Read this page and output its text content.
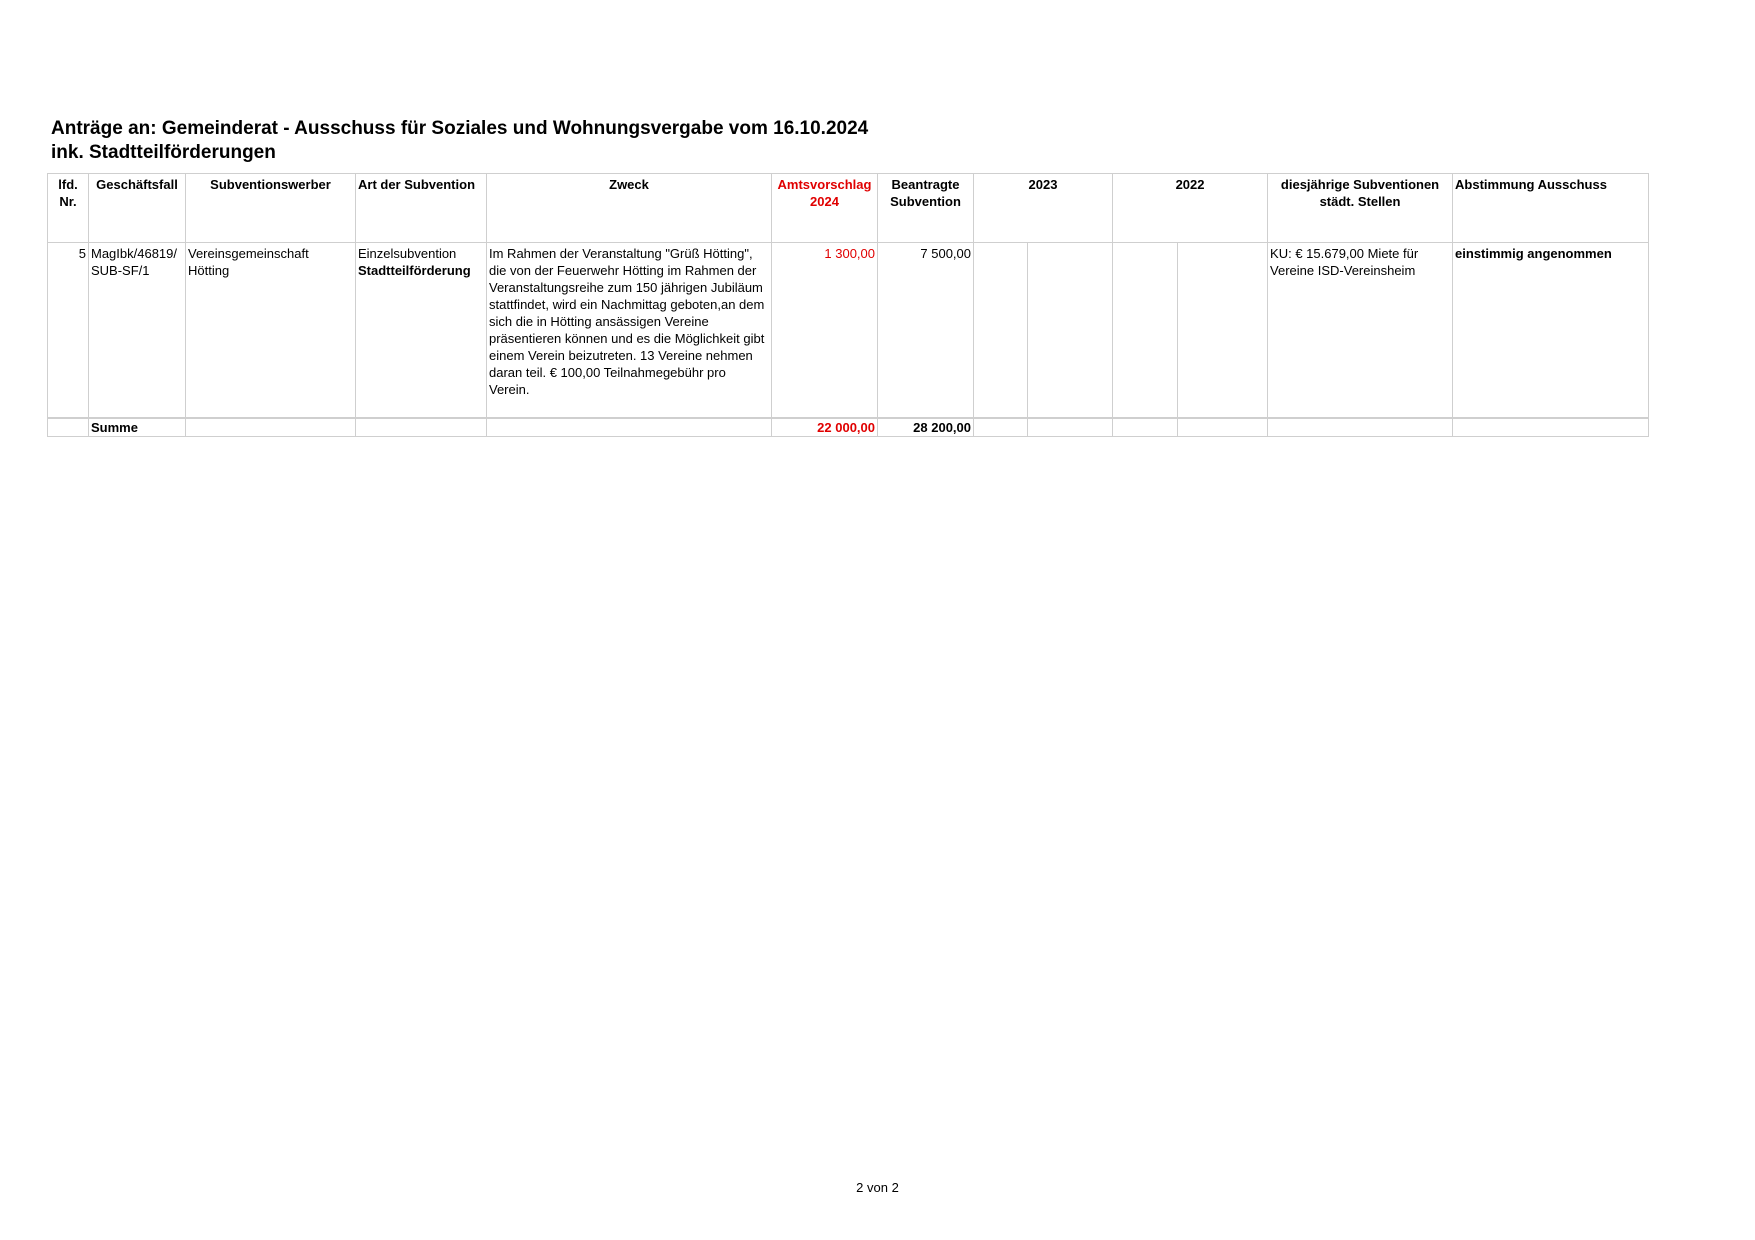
Anträge an: Gemeinderat - Ausschuss für Soziales und Wohnungsvergabe vom 16.10.2024
ink. Stadtteilförderungen
lfd. Nr.	Geschäftsfall	Subventionswerber	Art der Subvention	Zweck	Amtsvorschlag 2024	Beantragte Subvention	2023		2022		diesjährige Subventionen städt. Stellen	Abstimmung Ausschuss
5	MagIbk/46819/ SUB-SF/1	Vereinsgemeinschaft Hötting	Einzelsubvention
Stadtteilförderung	Im Rahmen der Veranstaltung "Grüß Hötting", die von der Feuerwehr Hötting im Rahmen der Veranstaltungsreihe zum 150 jährigen Jubiläum stattfindet, wird ein Nachmittag geboten,an dem sich die in Hötting ansässigen Vereine präsentieren können und es die Möglichkeit gibt einem Verein beizutreten. 13 Vereine nehmen daran teil. € 100,00 Teilnahmegebühr pro Verein.	1 300,00	7 500,00					KU: € 15.679,00 Miete für Vereine ISD-Vereinsheim	einstimmig angenommen
	Summe				22 000,00	28 200,00						
2 von 2
